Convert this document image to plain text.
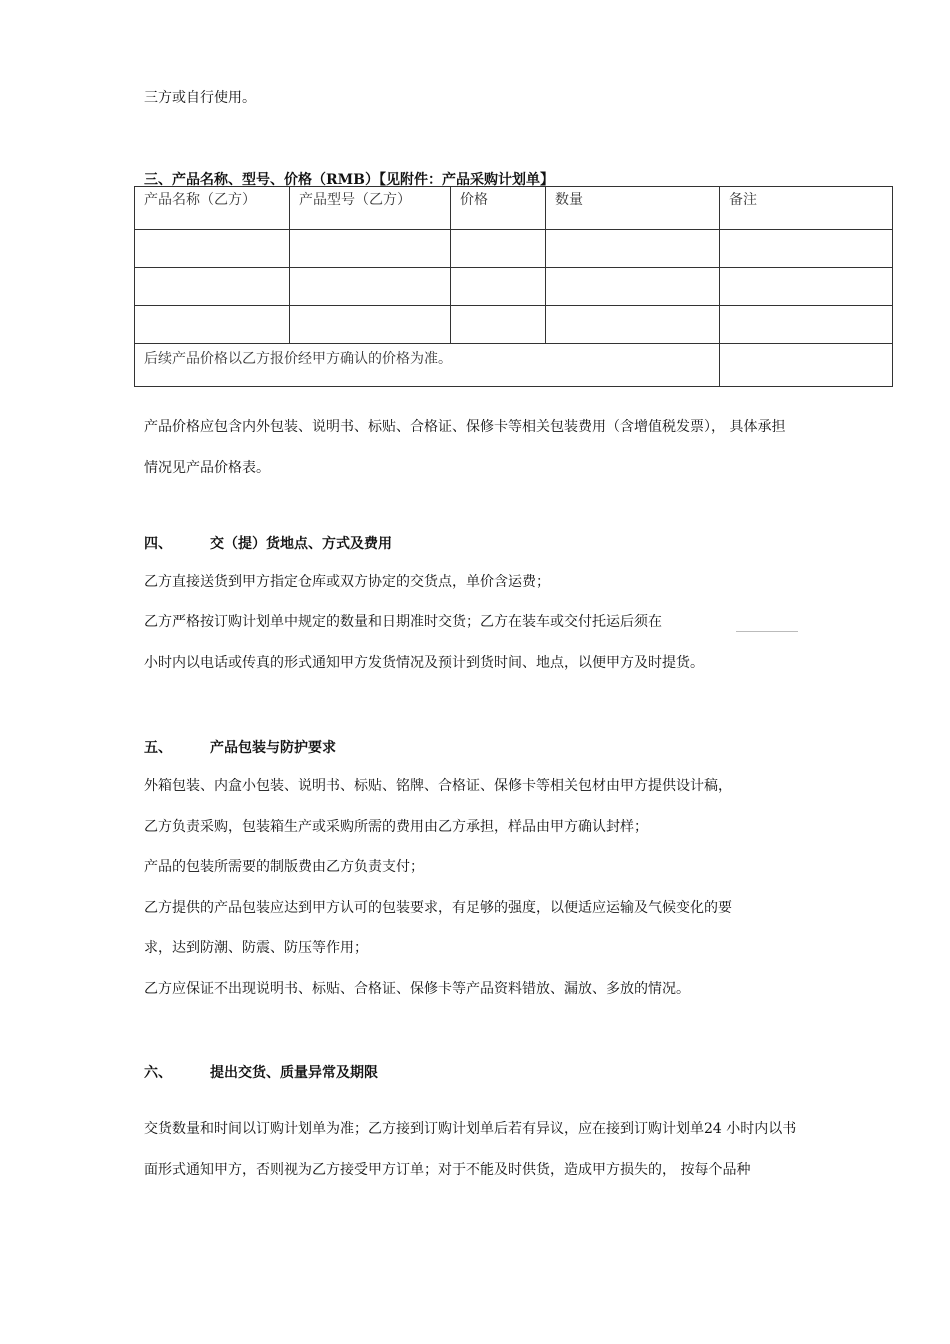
三方或自行使用。
三、产品名称、型号、价格（RMB）【见附件：产品采购计划单】
产品名称（乙方）	产品型号（乙方）	价格	数量	备注

后续产品价格以乙方报价经甲方确认的价格为准。				
产品价格应包含内外包装、说明书、标贴、合格证、保修卡等相关包装费用（含增值税发票）， 具体承担
情况见产品价格表。
四、	交（提）货地点、方式及费用
乙方直接送货到甲方指定仓库或双方协定的交货点，单价含运费；
乙方严格按订购计划单中规定的数量和日期准时交货；乙方在装车或交付托运后须在
小时内以电话或传真的形式通知甲方发货情况及预计到货时间、地点，以便甲方及时提货。
五、	产品包装与防护要求
外箱包装、内盒小包装、说明书、标贴、铭牌、合格证、保修卡等相关包材由甲方提供设计稿，
乙方负责采购，包装箱生产或采购所需的费用由乙方承担，样品由甲方确认封样；
产品的包装所需要的制版费由乙方负责支付；
乙方提供的产品包装应达到甲方认可的包装要求，有足够的强度，以便适应运输及气候变化的要
求，达到防潮、防震、防压等作用；
乙方应保证不出现说明书、标贴、合格证、保修卡等产品资料错放、漏放、多放的情况。
六、	提出交货、质量异常及期限
交货数量和时间以订购计划单为准；乙方接到订购计划单后若有异议，应在接到订购计划单24 小时内以书
面形式通知甲方，否则视为乙方接受甲方订单；对于不能及时供货，造成甲方损失的， 按每个品种
